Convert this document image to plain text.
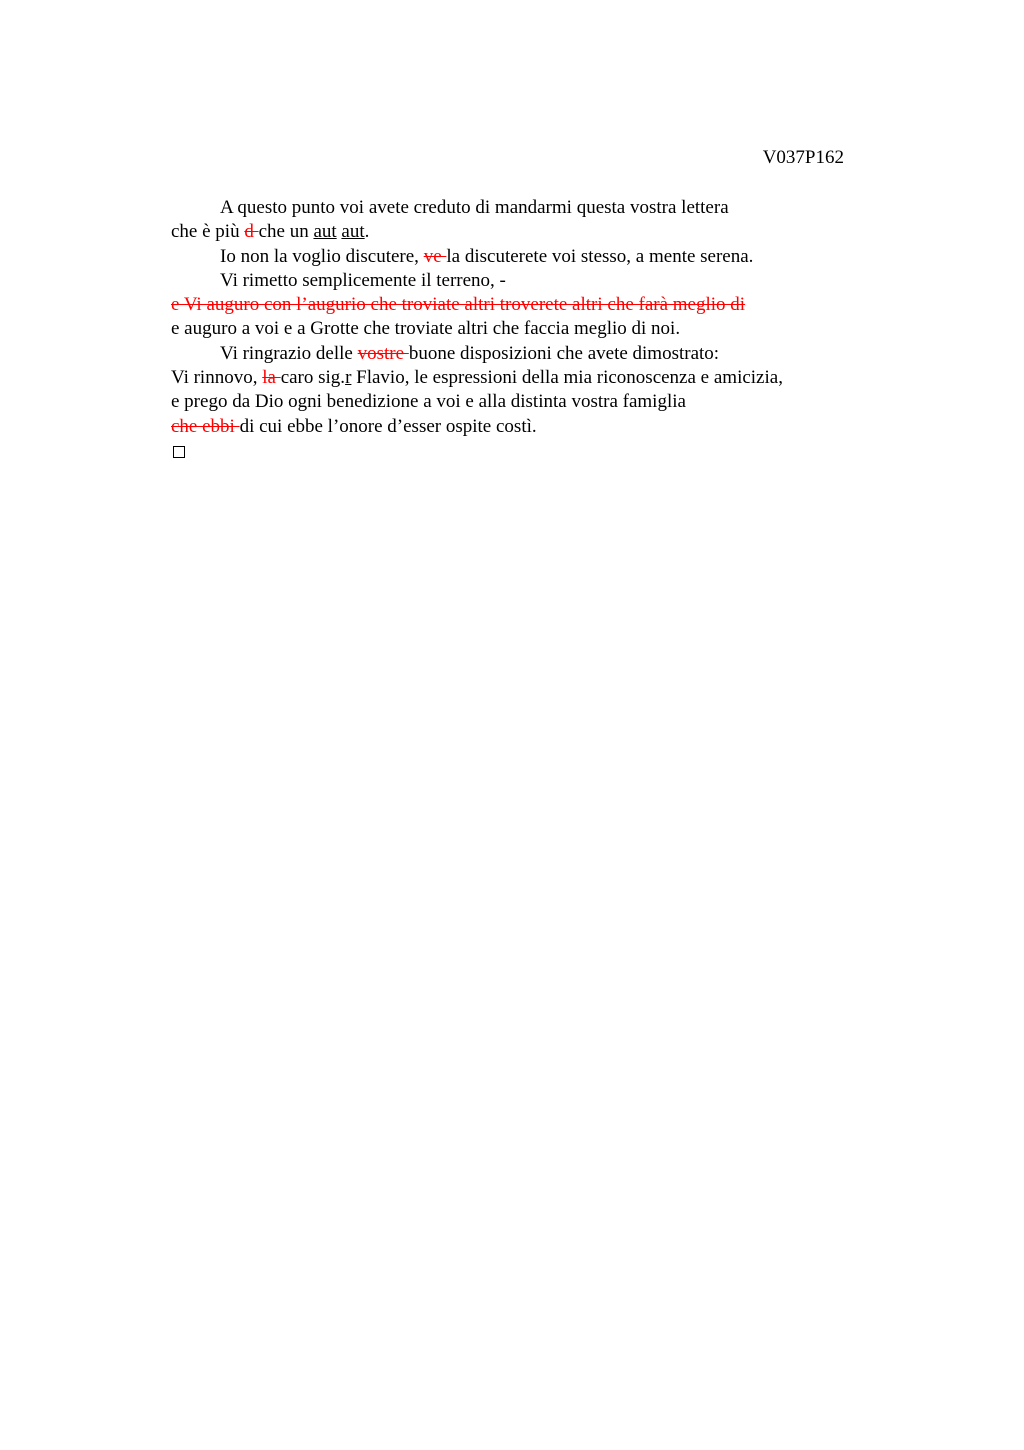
V037P162
A questo punto voi avete creduto di mandarmi questa vostra lettera
che è più d che un aut aut.
Io non la voglio discutere, ve la discuterete voi stesso, a mente serena.
Vi rimetto semplicemente il terreno, -
e Vi auguro con l’augurio che troviate altri troverete altri che farà meglio di
e auguro a voi e a Grotte che troviate altri che faccia meglio di noi.
Vi ringrazio delle vostre buone disposizioni che avete dimostrato:
Vi rinnovo, la caro sig.r Flavio, le espressioni della mia riconoscenza e amicizia,
e prego da Dio ogni benedizione a voi e alla distinta vostra famiglia
che ebbi di cui ebbe l’onore d’esser ospite costì.
